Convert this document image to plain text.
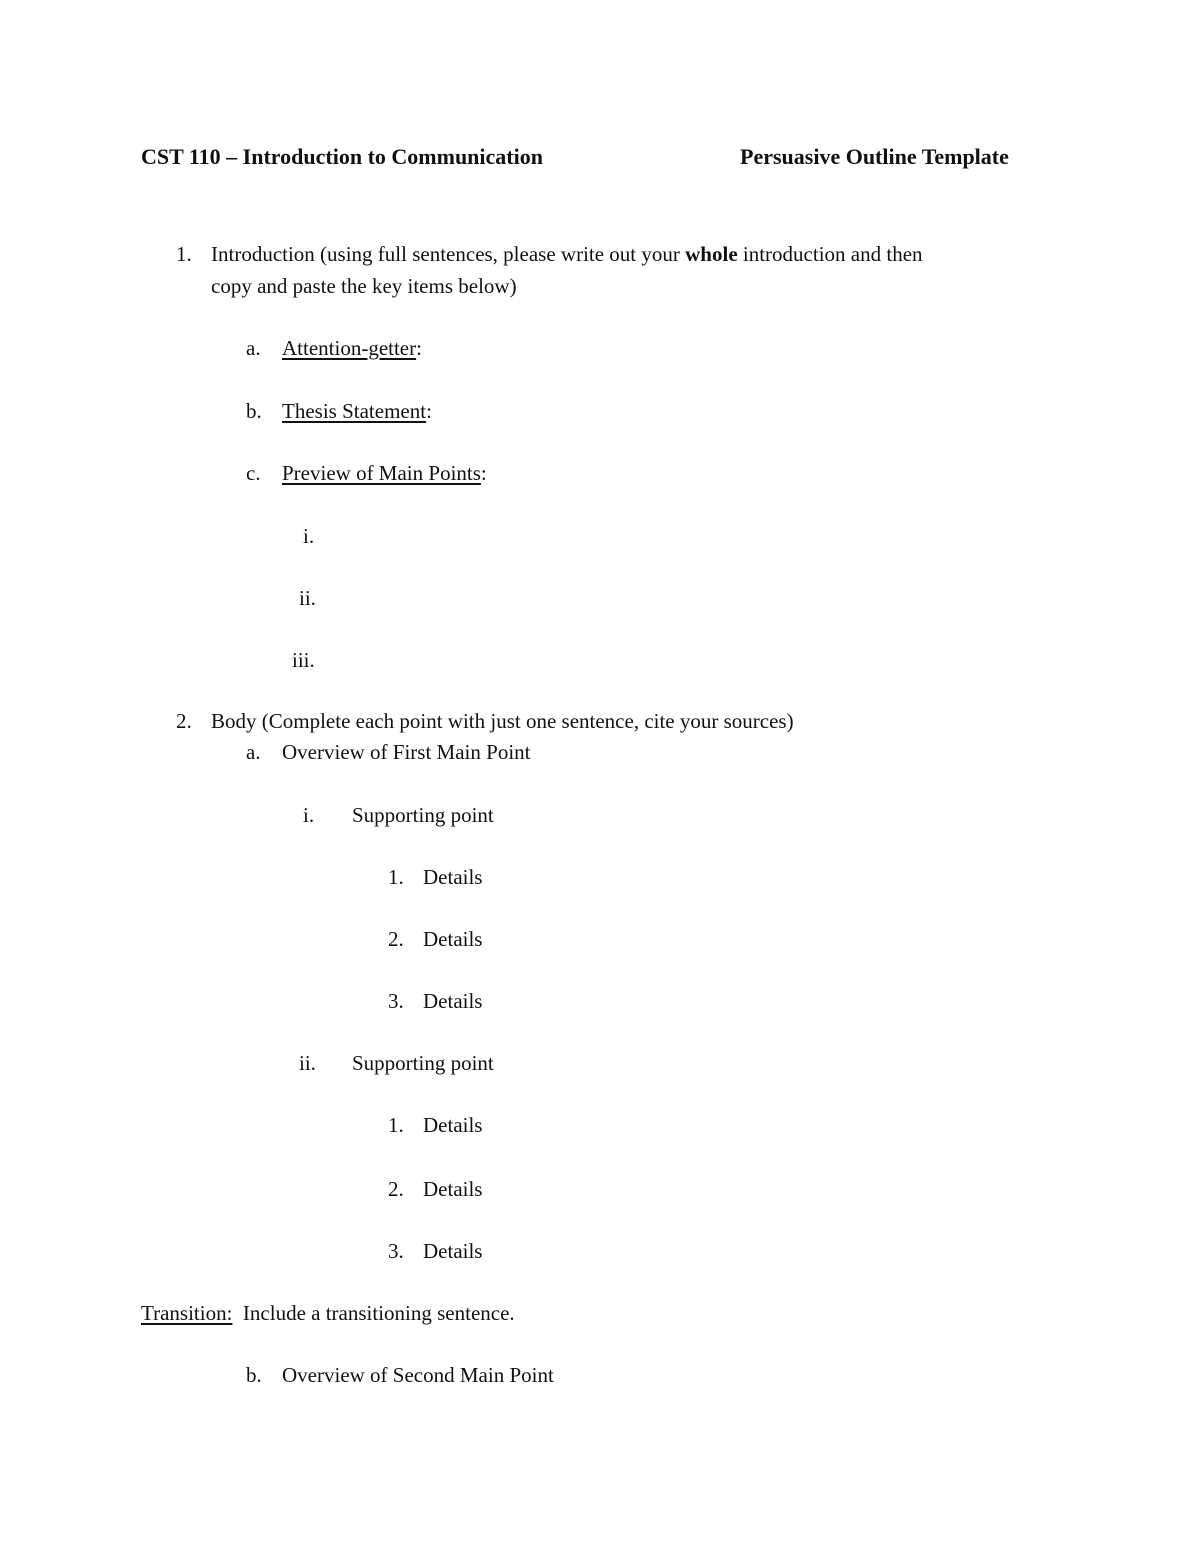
CST 110 – Introduction to Communication	Persuasive Outline Template
1. Introduction (using full sentences, please write out your whole introduction and then
copy and paste the key items below)
a. Attention-getter:
b. Thesis Statement:
c. Preview of Main Points:
i.
ii.
iii.
2. Body (Complete each point with just one sentence, cite your sources)
a. Overview of First Main Point
i. Supporting point
1. Details
2. Details
3. Details
ii. Supporting point
1. Details
2. Details
3. Details
Transition: Include a transitioning sentence.
b. Overview of Second Main Point
